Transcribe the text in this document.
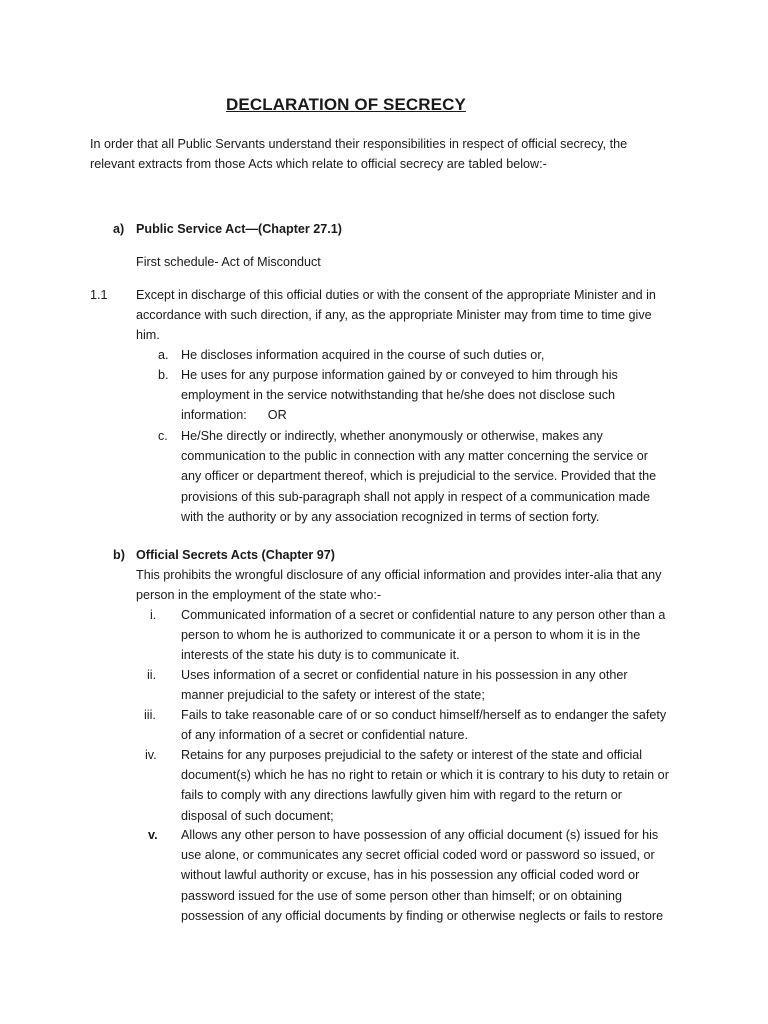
DECLARATION OF SECRECY
In order that all Public Servants understand their responsibilities in respect of official secrecy, the relevant extracts from those Acts which relate to official secrecy are tabled below:-
a) Public Service Act—(Chapter 27.1)
First schedule- Act of Misconduct
1.1 Except in discharge of this official duties or with the consent of the appropriate Minister and in accordance with such direction, if any, as the appropriate Minister may from time to time give him.
a. He discloses information acquired in the course of such duties or,
b. He uses for any purpose information gained by or conveyed to him through his employment in the service notwithstanding that he/she does not disclose such information:      OR
c. He/She directly or indirectly, whether anonymously or otherwise, makes any communication to the public in connection with any matter concerning the service or any officer or department thereof, which is prejudicial to the service. Provided that the provisions of this sub-paragraph shall not apply in respect of a communication made with the authority or by any association recognized in terms of section forty.
b) Official Secrets Acts (Chapter 97)
This prohibits the wrongful disclosure of any official information and provides inter-alia that any person in the employment of the state who:-
i. Communicated information of a secret or confidential nature to any person other than a person to whom he is authorized to communicate it or a person to whom it is in the interests of the state his duty is to communicate it.
ii. Uses information of a secret or confidential nature in his possession in any other manner prejudicial to the safety or interest of the state;
iii. Fails to take reasonable care of or so conduct himself/herself as to endanger the safety of any information of a secret or confidential nature.
iv. Retains for any purposes prejudicial to the safety or interest of the state and official document(s) which he has no right to retain or which it is contrary to his duty to retain or fails to comply with any directions lawfully given him with regard to the return or disposal of such document;
v. Allows any other person to have possession of any official document (s) issued for his use alone, or communicates any secret official coded word or password so issued, or without lawful authority or excuse, has in his possession any official coded word or password issued for the use of some person other than himself; or on obtaining possession of any official documents by finding or otherwise neglects or fails to restore
